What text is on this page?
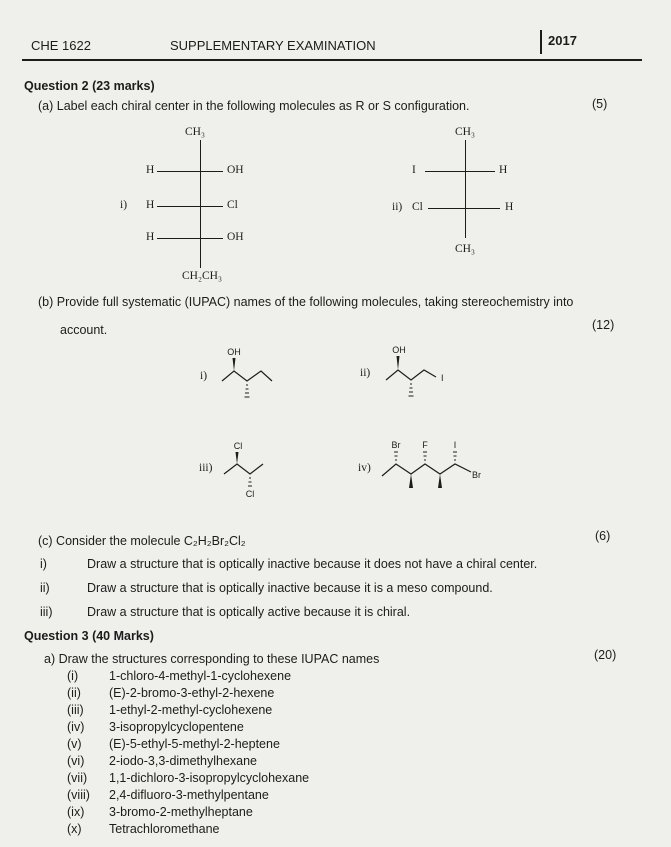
CHE 1622	SUPPLEMENTARY EXAMINATION	2017
Question 2 (23 marks)
(a) Label each chiral center in the following molecules as R or S configuration.	(5)
CH₃
H	OH
i) H	Cl
H	OH
CH₂CH₃
CH₃
I	H
ii) Cl	H
CH₃
(b) Provide full systematic (IUPAC) names of the following molecules, taking stereochemistry into
account.	(12)
i)
OH
ii)
OH
I
iii)
Cl
Cl
iv)
Br F	I
Br
(c) Consider the molecule C₂H₂Br₂Cl₂	(6)
i)	Draw a structure that is optically inactive because it does not have a chiral center.
ii)	Draw a structure that is optically inactive because it is a meso compound.
iii)	Draw a structure that is optically active because it is chiral.
Question 3 (40 Marks)
a) Draw the structures corresponding to these IUPAC names	(20)
(i) 1-chloro-4-methyl-1-cyclohexene
(ii) (E)-2-bromo-3-ethyl-2-hexene
(iii) 1-ethyl-2-methyl-cyclohexene
(iv) 3-isopropylcyclopentene
(v) (E)-5-ethyl-5-methyl-2-heptene
(vi) 2-iodo-3,3-dimethylhexane
(vii) 1,1-dichloro-3-isopropylcyclohexane
(viii) 2,4-difluoro-3-methylpentane
(ix) 3-bromo-2-methylheptane
(x) Tetrachloromethane
